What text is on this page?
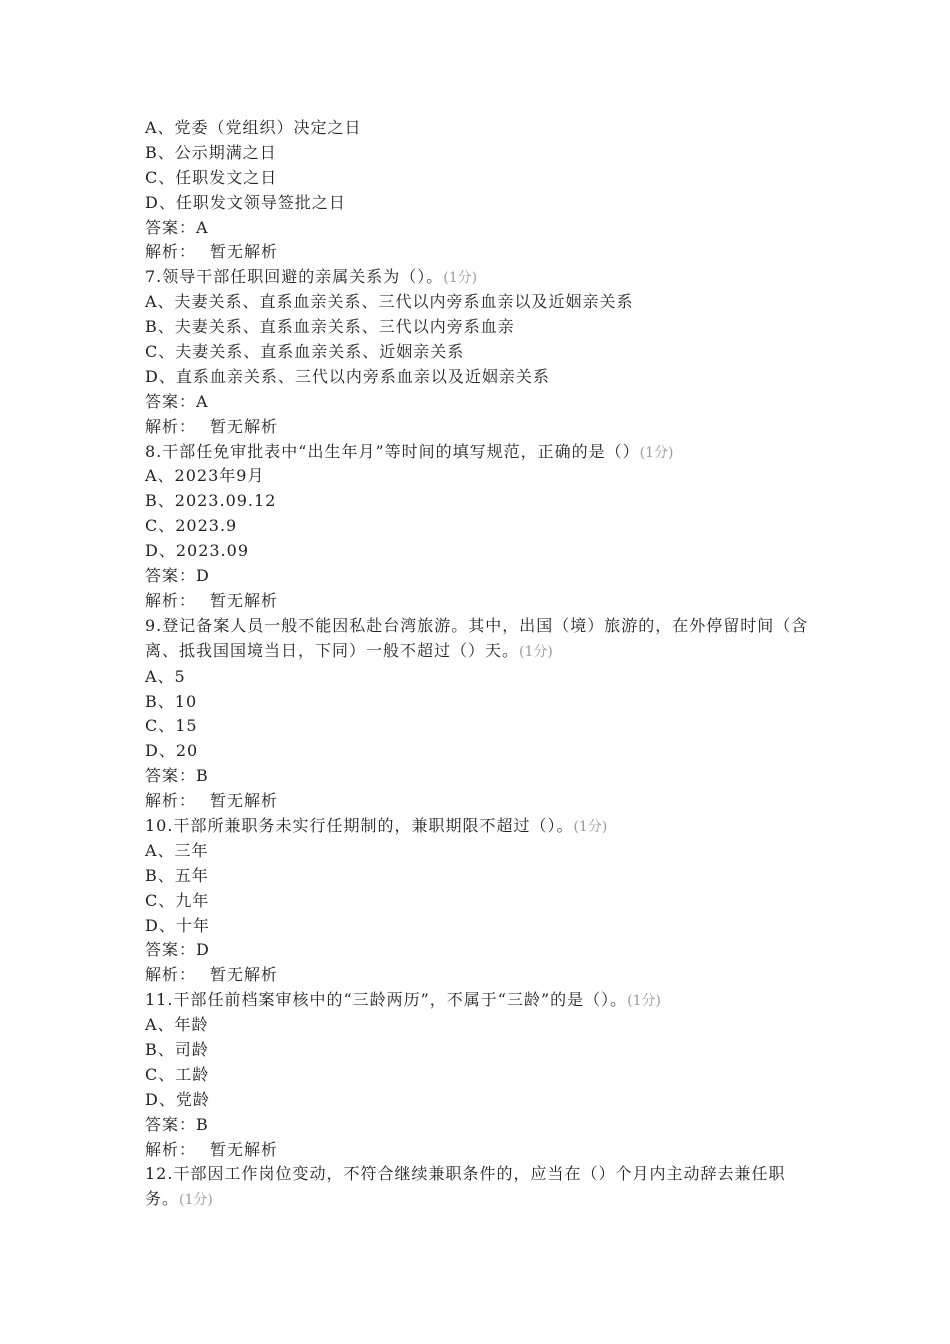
A、党委（党组织）决定之日
B、公示期满之日
C、任职发文之日
D、任职发文领导签批之日
答案：A
解析： 暂无解析
7.领导干部任职回避的亲属关系为（）。(1分)
A、夫妻关系、直系血亲关系、三代以内旁系血亲以及近姻亲关系
B、夫妻关系、直系血亲关系、三代以内旁系血亲
C、夫妻关系、直系血亲关系、近姻亲关系
D、直系血亲关系、三代以内旁系血亲以及近姻亲关系
答案：A
解析： 暂无解析
8.干部任免审批表中“出生年月”等时间的填写规范，正确的是（）(1分)
A、2023年9月
B、2023.09.12
C、2023.9
D、2023.09
答案：D
解析： 暂无解析
9.登记备案人员一般不能因私赴台湾旅游。其中，出国（境）旅游的，在外停留时间（含离、抵我国国境当日，下同）一般不超过（）天。(1分)
A、5
B、10
C、15
D、20
答案：B
解析： 暂无解析
10.干部所兼职务未实行任期制的，兼职期限不超过（）。(1分)
A、三年
B、五年
C、九年
D、十年
答案：D
解析： 暂无解析
11.干部任前档案审核中的“三龄两历”，不属于“三龄”的是（）。(1分)
A、年龄
B、司龄
C、工龄
D、党龄
答案：B
解析： 暂无解析
12.干部因工作岗位变动，不符合继续兼职条件的，应当在（）个月内主动辞去兼任职务。(1分)
